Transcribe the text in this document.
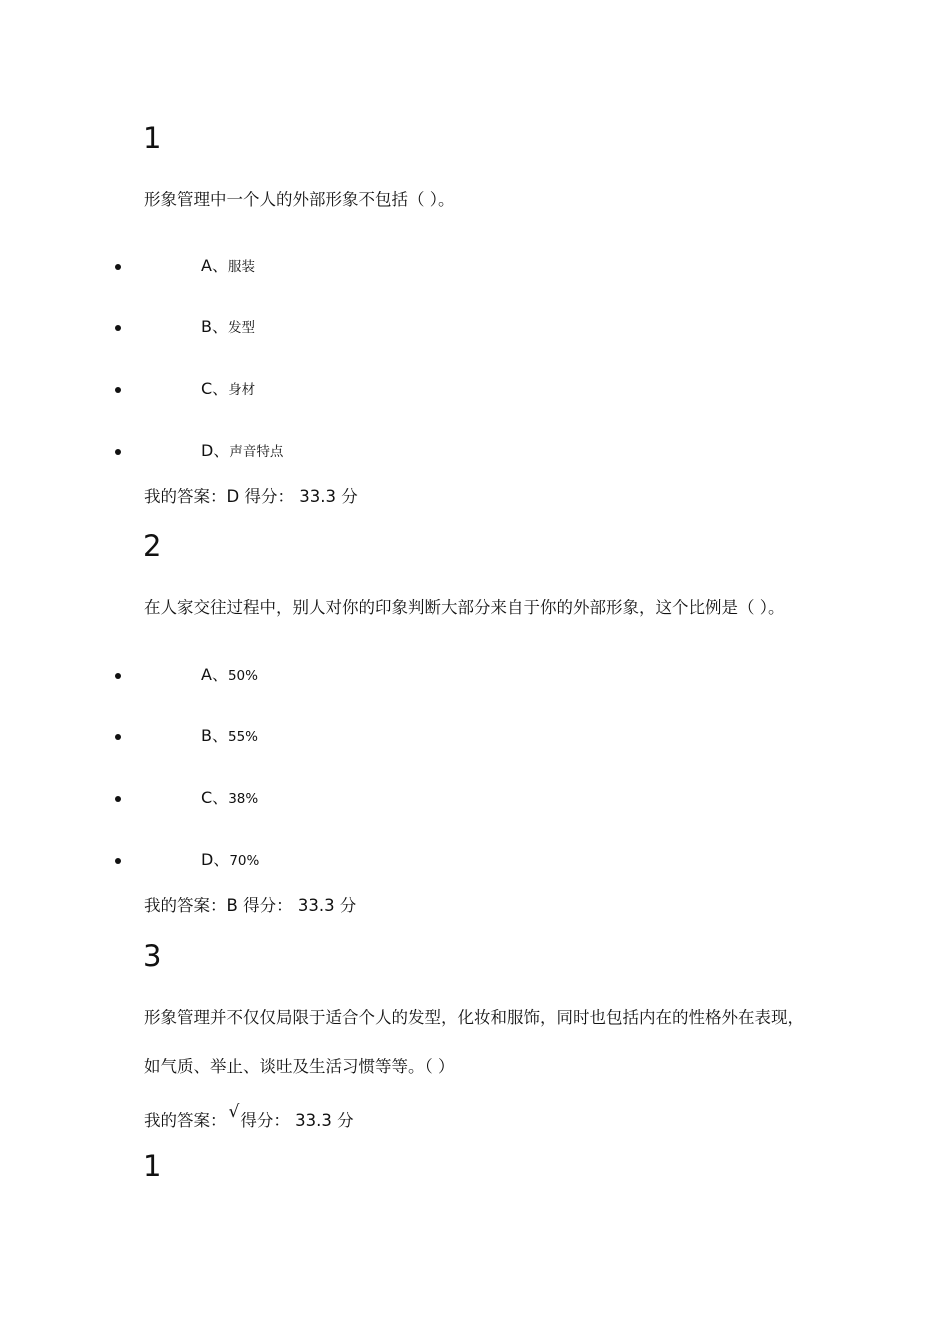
1
形象管理中一个人的外部形象不包括（ ）。
A、服装
B、发型
C、身材
D、声音特点
我的答案：D 得分： 33.3 分
2
在人家交往过程中，别人对你的印象判断大部分来自于你的外部形象，这个比例是（ ）。
A、50%
B、55%
C、38%
D、70%
我的答案：B 得分： 33.3 分
3
形象管理并不仅仅局限于适合个人的发型，化妆和服饰，同时也包括内在的性格外在表现，
如气质、举止、谈吐及生活习惯等等。（ ）
我的答案： √得分： 33.3 分
1
